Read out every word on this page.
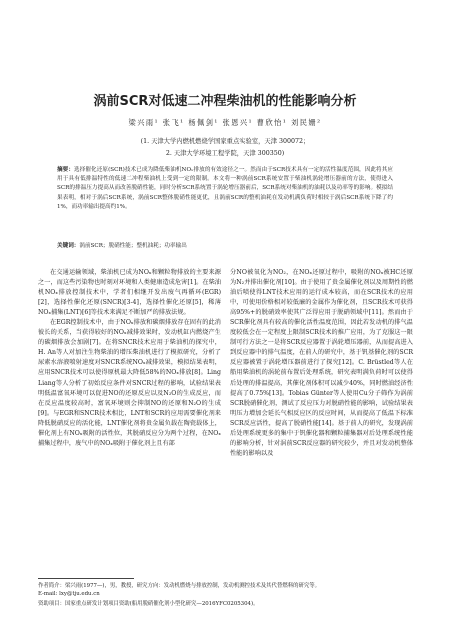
涡前SCR对低速二冲程柴油机的性能影响分析
梁兴雨¹ 张飞¹ 杨佩剑¹ 张恩兴¹ 曹欣怡¹ 刘民姗²
(1. 天津大学内燃机燃烧学国家重点实验室，天津 300072；
2. 天津大学环境工程学院，天津 300350)
摘要：选择催化还原(SCR)技术已成为降低柴油机NOₓ排放的有效途径之一。然而由于SCR技术具有一定的活性温度范围，因此将其应用于具有低排温特性的低速二冲程柴油机上受到一定的限制。本文将一种涡前SCR系统安置于柴油机涡轮增压器前的方法，使得进入SCR的排温压力提高从而改善脱硝性能，同时分析SCR系统置于涡轮增压器前后，SCR系统对柴油机的油耗以及功率等的影响。模拟结果表明，相对于涡后SCR系统，涡前SCR整体脱硝性能更优，且涡前SCR的整机油耗在发动机满负荷时相较于涡后SCR系统下降了约1%，而功率输出提高约1%。
关键词：涡前SCR；脱硝性能；整机油耗；功率输出

在交通运输领域，柴油机已成为NOₓ和颗粒物排放的主要来源之一，而这些污染物也时刻对环境和人类健康造成危害[1]。在柴油机NOₓ排放控制技术中，学者们相继开发出废气再循环(EGR)[2]，选择性催化还原(SNCR)[3-4]，选择性催化还原[5]，稀薄NOₓ捕集(LNT)[6]等技术来满足不断加严的排放法规。

在EGR控制技术中，由于NOₓ排放和碳烟排放存在固有的此消彼长的关系，当获得较好的NOₓ减排效果时，发动机缸内燃烧产生的碳烟排放会加剧[7]。在将SNCR技术应用于柴油机的探究中，H. An等人对加注生物柴油的增压柴油机进行了模拟研究，分析了尿素水溶液喷射速度对SNCR系统NOₓ减排效果，模拟结果表明，应用SNCR技术可以使得原机最大降低58%的NOₓ排放[8]。Ling Liang等人分析了初始反应条件对SNCR过程的影响，试验结果表明低温富氧环境可以促进NO的还原反应以及N₂O的生成反应，而在反应温度较高时，富氧环境则会抑制NO的还原和N₂O的生成[9]。与EGR和SNCR技术相比，LNT和SCR的应用需要催化剂来降低脱硝反应的活化能，LNT催化剂将贵金属负载在陶瓷载体上，催化剂上有NOₓ吸附的活性位，其脱硝反应分为两个过程，在NOₓ捕集过程中，废气中的NOₓ吸附于催化剂上且有部

分NO被氧化为NO₂，在NOₓ还原过程中，吸附的NOₓ被HC还原为N₂并排出催化剂[10]。由于使用了贵金属催化剂以及周期性的燃油后喷使得LNT技术应用的运行成本较高，而在SCR技术的应用中，可使用价格相对较低廉的金属作为催化剂，且SCR技术可获得高95%+的脱硝效率使其广泛得应用于脱硝领域中[11]。然而由于SCR催化剂具有较高的催化活性温度范围，因此若发动机的排气温度较低会在一定程度上限制SCR技术的推广应用，为了克服这一限制可行方法之一是将SCR反应器置于涡轮增压器前，从而提高进入到反应器中的排气温度，在前人的研究中，基于钒基催化剂的SCR反应器被置于涡轮增压器前进行了探究[12]。C. Brüstled等人在船用柴油机的涡轮前布置后处理系统，研究表明满负荷时可以使得后处理的排温提高，其催化剂体积可以减少40%，同时燃油经济性提高了0.75%[13]。Tobias Günter等人使用Cu分子筛作为涡前SCR脱硝催化剂，测试了反应压力对脱硝性能的影响，试验结果表明压力增加会延长气相反应区的反应时间，从而提高了低温下标准SCR反应活性，提高了脱硝性能[14]。基于前人的研究，发现涡前后处理系统更多的集中于钒催化器和颗粒捕集器对后处理系统性能的影响分析，针对涡前SCR反应器的研究较少，并且对发动机整体性能的影响以及

作者简介：梁兴雨(1977—)，男，教授，研究方向：发动机燃烧与排放控制，发动机测控技术及其代替燃料的研究等。
E-mail: lxy@tju.edu.cn
资助项目：国家重点研发计划项目资助(船用脱硝催化剂小型化研究—2016YFC0205304)。
